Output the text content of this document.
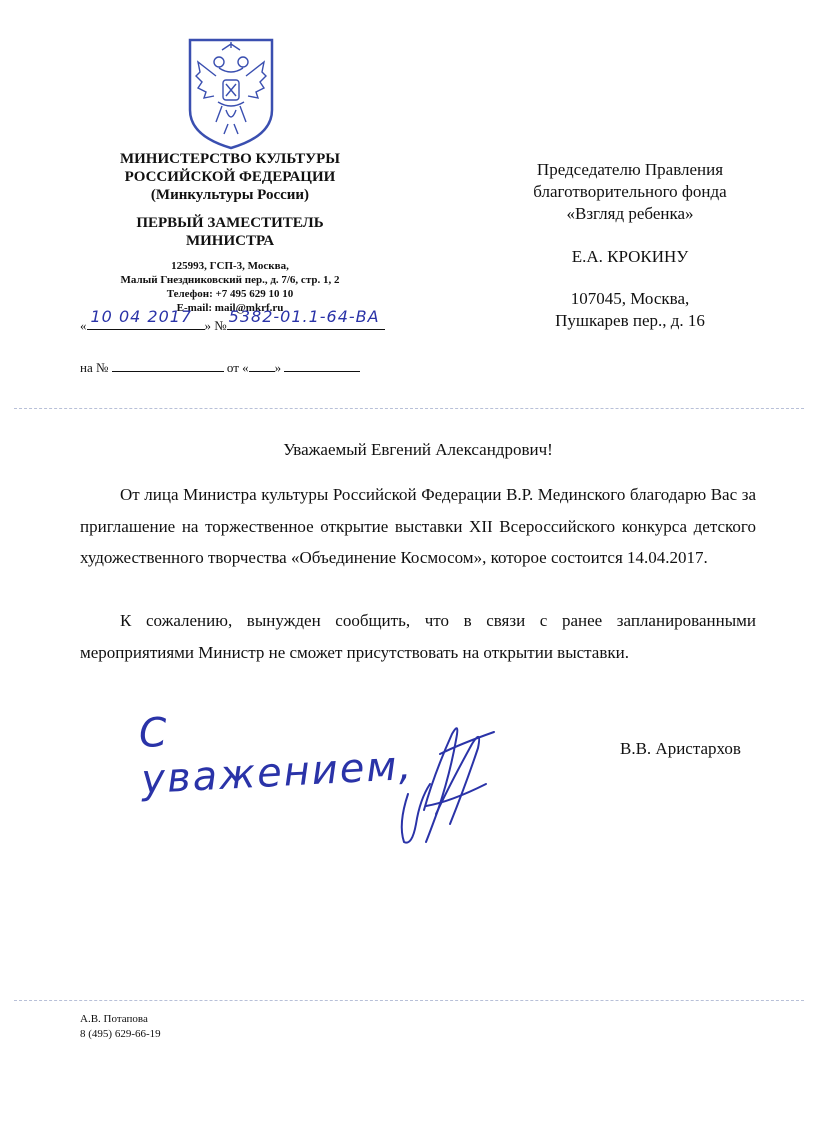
МИНИСТЕРСТВО КУЛЬТУРЫ
РОССИЙСКОЙ ФЕДЕРАЦИИ
(Минкультуры России)
ПЕРВЫЙ ЗАМЕСТИТЕЛЬ
МИНИСТРА
125993, ГСП-3, Москва,
Малый Гнездниковский пер., д. 7/6, стр. 1, 2
Телефон: +7 495 629 10 10
E-mail: mail@mkrf.ru
« 10 04 2017 » № 5382-01.1-64-ВА
на №	от « »
Председателю Правления
благотворительного фонда
«Взгляд ребенка»
Е.А. КРОКИНУ
107045, Москва,
Пушкарев пер., д. 16
Уважаемый Евгений Александрович!
От лица Министра культуры Российской Федерации В.Р. Мединского благодарю Вас за приглашение на торжественное открытие выставки XII Всероссийского конкурса детского художественного творчества «Объединение Космосом», которое состоится 14.04.2017.
К сожалению, вынужден сообщить, что в связи с ранее запланированными мероприятиями Министр не сможет присутствовать на открытии выставки.
С уважением,	В.В. Аристархов
А.В. Потапова
8 (495) 629-66-19
